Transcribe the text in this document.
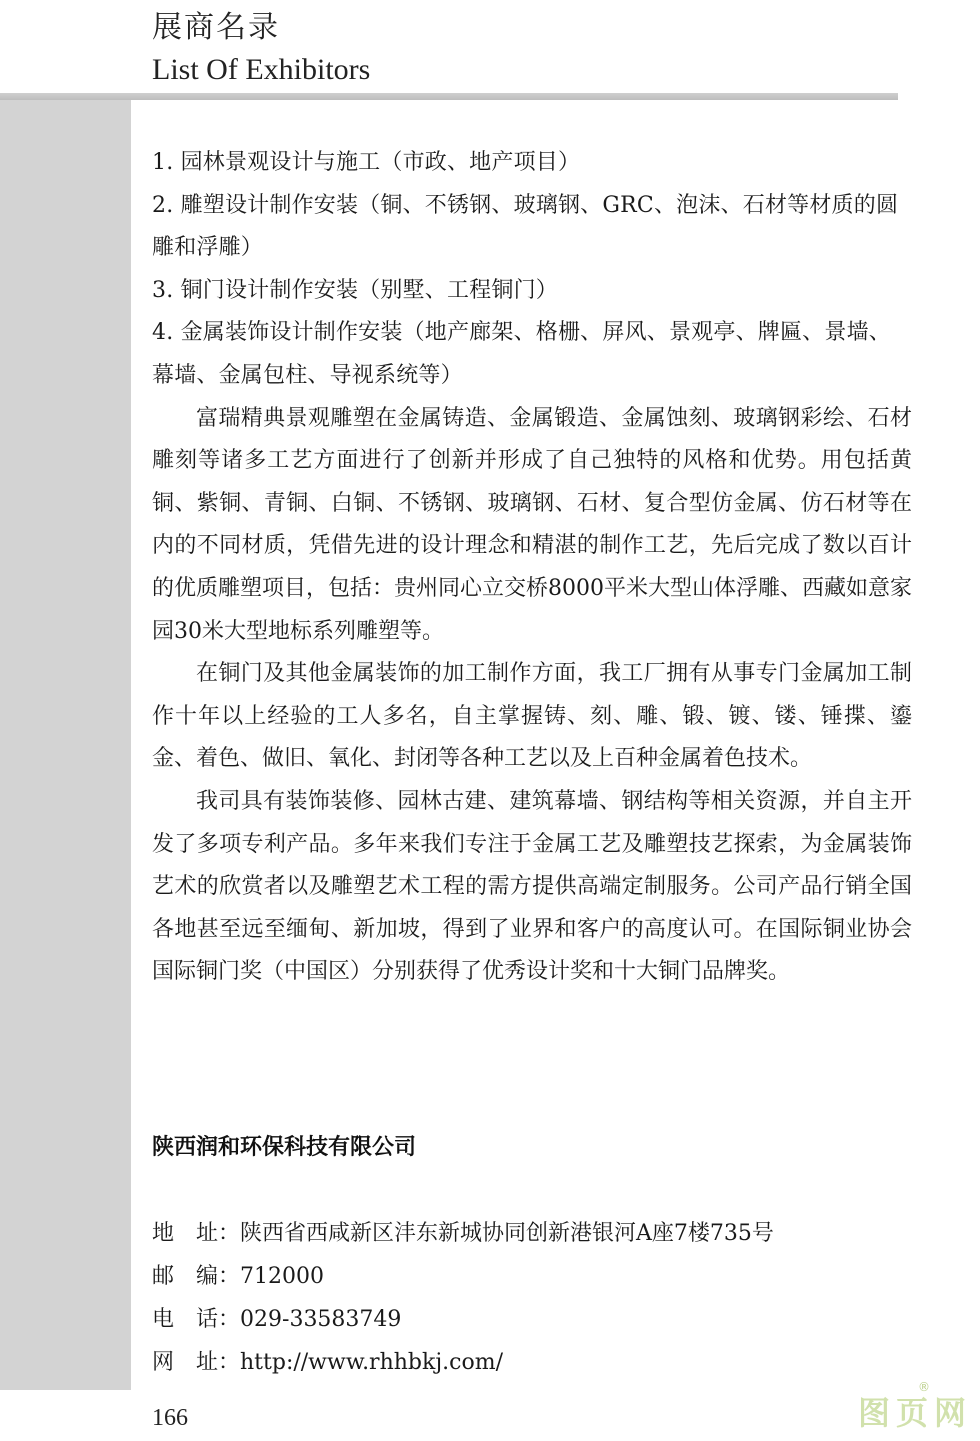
展商名录
List Of Exhibitors

1. 园林景观设计与施工（市政、地产项目）

2. 雕塑设计制作安装（铜、不锈钢、玻璃钢、GRC、泡沫、石材等材质的圆雕和浮雕）

3. 铜门设计制作安装（别墅、工程铜门）

4. 金属装饰设计制作安装（地产廊架、格栅、屏风、景观亭、牌匾、景墙、幕墙、金属包柱、导视系统等）

富瑞精典景观雕塑在金属铸造、金属锻造、金属蚀刻、玻璃钢彩绘、石材雕刻等诸多工艺方面进行了创新并形成了自己独特的风格和优势。用包括黄铜、紫铜、青铜、白铜、不锈钢、玻璃钢、石材、复合型仿金属、仿石材等在内的不同材质，凭借先进的设计理念和精湛的制作工艺，先后完成了数以百计的优质雕塑项目，包括：贵州同心立交桥8000平米大型山体浮雕、西藏如意家园30米大型地标系列雕塑等。

在铜门及其他金属装饰的加工制作方面，我工厂拥有从事专门金属加工制作十年以上经验的工人多名，自主掌握铸、刻、雕、锻、镀、镂、锤揲、鎏金、着色、做旧、氧化、封闭等各种工艺以及上百种金属着色技术。

我司具有装饰装修、园林古建、建筑幕墙、钢结构等相关资源，并自主开发了多项专利产品。多年来我们专注于金属工艺及雕塑技艺探索，为金属装饰艺术的欣赏者以及雕塑艺术工程的需方提供高端定制服务。公司产品行销全国各地甚至远至缅甸、新加坡，得到了业界和客户的高度认可。在国际铜业协会国际铜门奖（中国区）分别获得了优秀设计奖和十大铜门品牌奖。

陕西润和环保科技有限公司
地　址： 陕西省西咸新区沣东新城协同创新港银河A座7楼735号
邮　编： 712000
电　话： 029-33583749
网　址： http://www.rhhbkj.com/
166	图页网
®
